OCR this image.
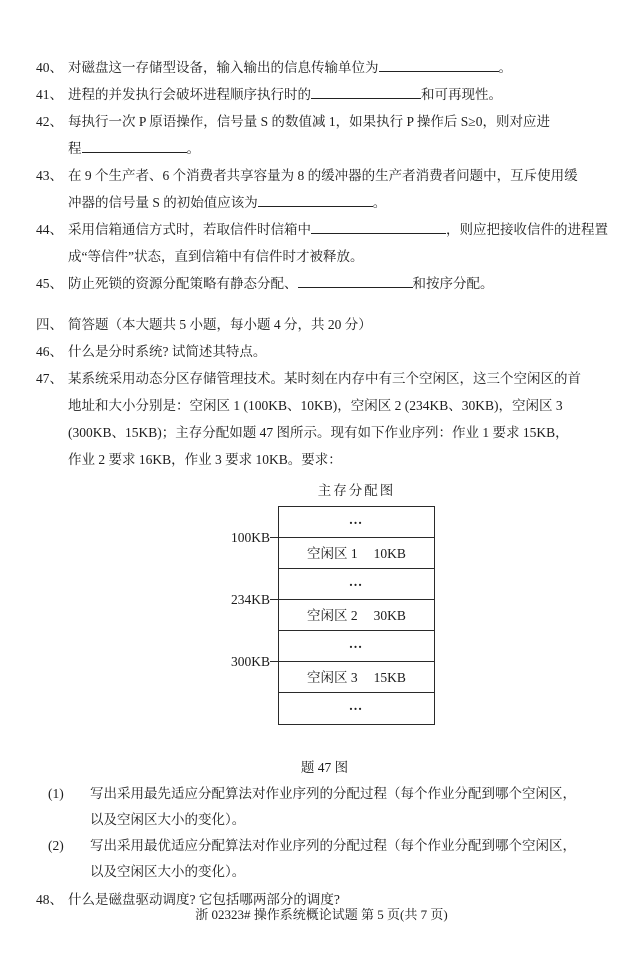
40、 对磁盘这一存储型设备，输入输出的信息传输单位为	。
41、 进程的并发执行会破坏进程顺序执行时的	和可再现性。
42、 每执行一次 P 原语操作，信号量 S 的数值减 1，如果执行 P 操作后 S≥0，则对应进
程	。
43、 在 9 个生产者、6 个消费者共享容量为 8 的缓冲器的生产者消费者问题中，互斥使用缓
冲器的信号量 S 的初始值应该为	。
44、 采用信箱通信方式时，若取信件时信箱中	，则应把接收信件的进程置
成“等信件”状态，直到信箱中有信件时才被释放。
45、 防止死锁的资源分配策略有静态分配、	和按序分配。
四、 简答题（本大题共 5 小题，每小题 4 分，共 20 分）
46、 什么是分时系统? 试简述其特点。
47、 某系统采用动态分区存储管理技术。某时刻在内存中有三个空闲区，这三个空闲区的首
地址和大小分别是：空闲区 1 (100KB、10KB)，空闲区 2 (234KB、30KB)，空闲区 3
(300KB、15KB)；主存分配如题 47 图所示。现有如下作业序列：作业 1 要求 15KB，
作业 2 要求 16KB，作业 3 要求 10KB。要求：
主存分配图
…
空闲区 1 10KB
…
空闲区 2 30KB
…
空闲区 3 15KB
…
100KB
234KB
300KB
题 47 图
(1)	写出采用最先适应分配算法对作业序列的分配过程（每个作业分配到哪个空闲区，
以及空闲区大小的变化）。
(2)	写出采用最优适应分配算法对作业序列的分配过程（每个作业分配到哪个空闲区，
以及空闲区大小的变化）。
48、 什么是磁盘驱动调度? 它包括哪两部分的调度?
浙 02323# 操作系统概论试题 第 5 页(共 7 页)
